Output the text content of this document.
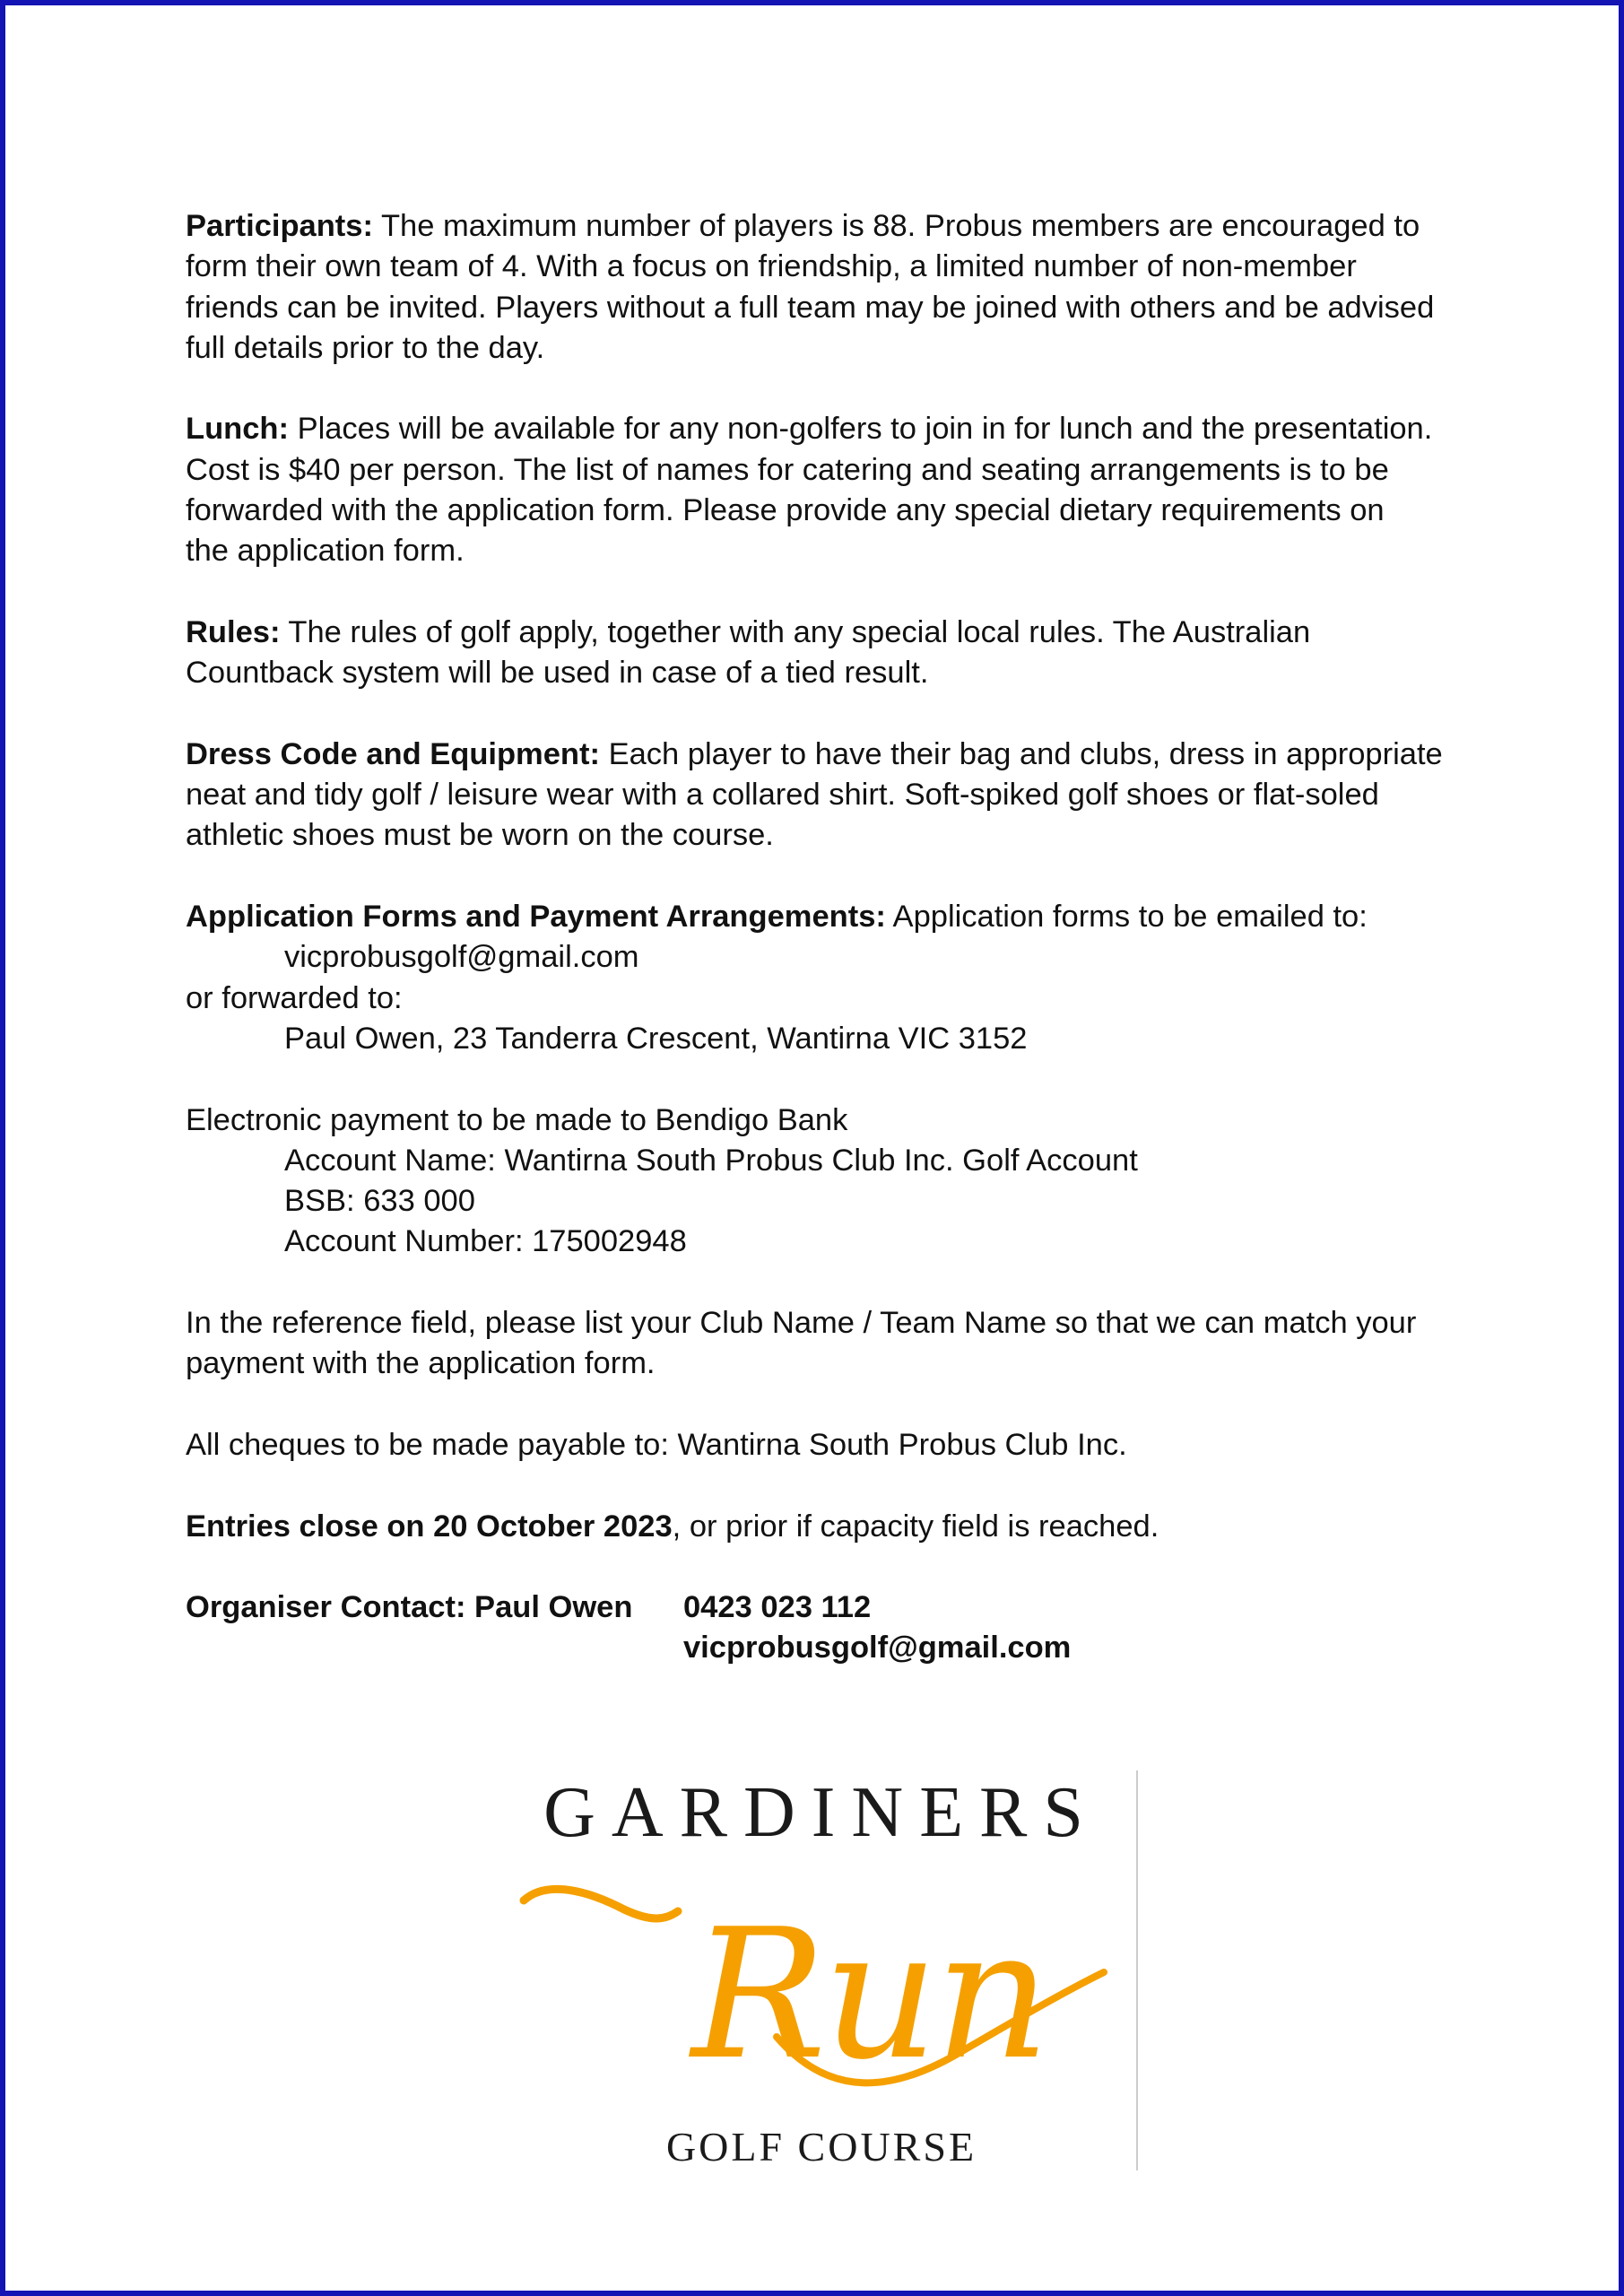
Participants: The maximum number of players is 88. Probus members are encouraged to
form their own team of 4. With a focus on friendship, a limited number of non-member
friends can be invited. Players without a full team may be joined with others and be advised
full details prior to the day.
Lunch: Places will be available for any non-golfers to join in for lunch and the presentation.
Cost is $40 per person. The list of names for catering and seating arrangements is to be
forwarded with the application form. Please provide any special dietary requirements on
the application form.
Rules: The rules of golf apply, together with any special local rules. The Australian
Countback system will be used in case of a tied result.
Dress Code and Equipment: Each player to have their bag and clubs, dress in appropriate
neat and tidy golf / leisure wear with a collared shirt. Soft-spiked golf shoes or flat-soled
athletic shoes must be worn on the course.
Application Forms and Payment Arrangements: Application forms to be emailed to:
vicprobusgolf@gmail.com
or forwarded to:
Paul Owen, 23 Tanderra Crescent, Wantirna VIC 3152
Electronic payment to be made to Bendigo Bank
Account Name: Wantirna South Probus Club Inc. Golf Account
BSB: 633 000
Account Number: 175002948
In the reference field, please list your Club Name / Team Name so that we can match your
payment with the application form.
All cheques to be made payable to: Wantirna South Probus Club Inc.
Entries close on 20 October 2023, or prior if capacity field is reached.
Organiser Contact: Paul Owen	0423 023 112
vicprobusgolf@gmail.com
GARDINERS
Run
GOLF COURSE
